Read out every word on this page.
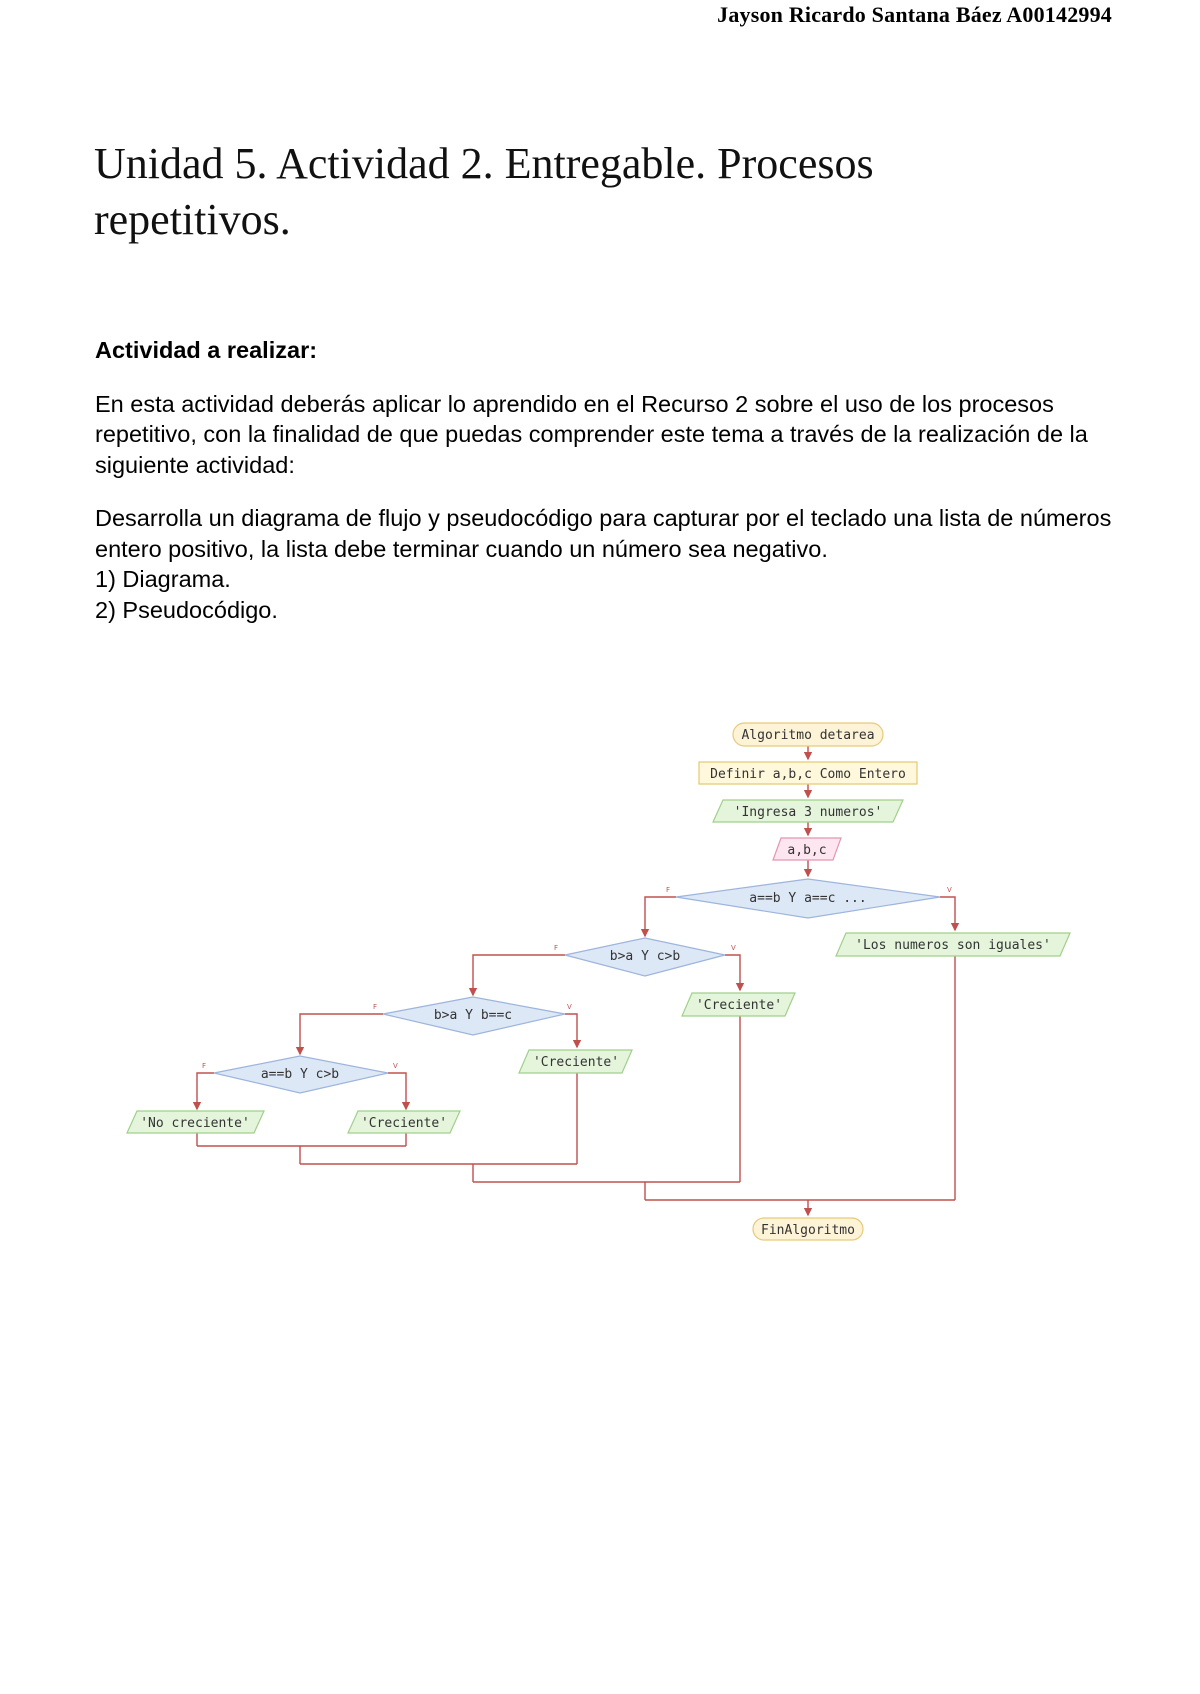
Jayson Ricardo Santana Báez A00142994
Unidad 5. Actividad 2. Entregable. Procesos repetitivos.

Actividad a realizar:

En esta actividad deberás aplicar lo aprendido en el Recurso 2 sobre el uso de los procesos repetitivo, con la finalidad de que puedas comprender este tema a través de la realización de la siguiente actividad:

Desarrolla un diagrama de flujo y pseudocódigo para capturar por el teclado una lista de números entero positivo, la lista debe terminar cuando un número sea negativo.

1) Diagrama.

2) Pseudocódigo.

F	V
F	V
F	V
F	V
Algoritmo detarea
Definir a,b,c Como Entero
'Ingresa 3 numeros'
a,b,c
a==b Y a==c ...
'Los numeros son iguales'
b>a Y c>b
'Creciente'
b>a Y b==c
'Creciente'
a==b Y c>b
'Creciente'
'No creciente'
FinAlgoritmo
